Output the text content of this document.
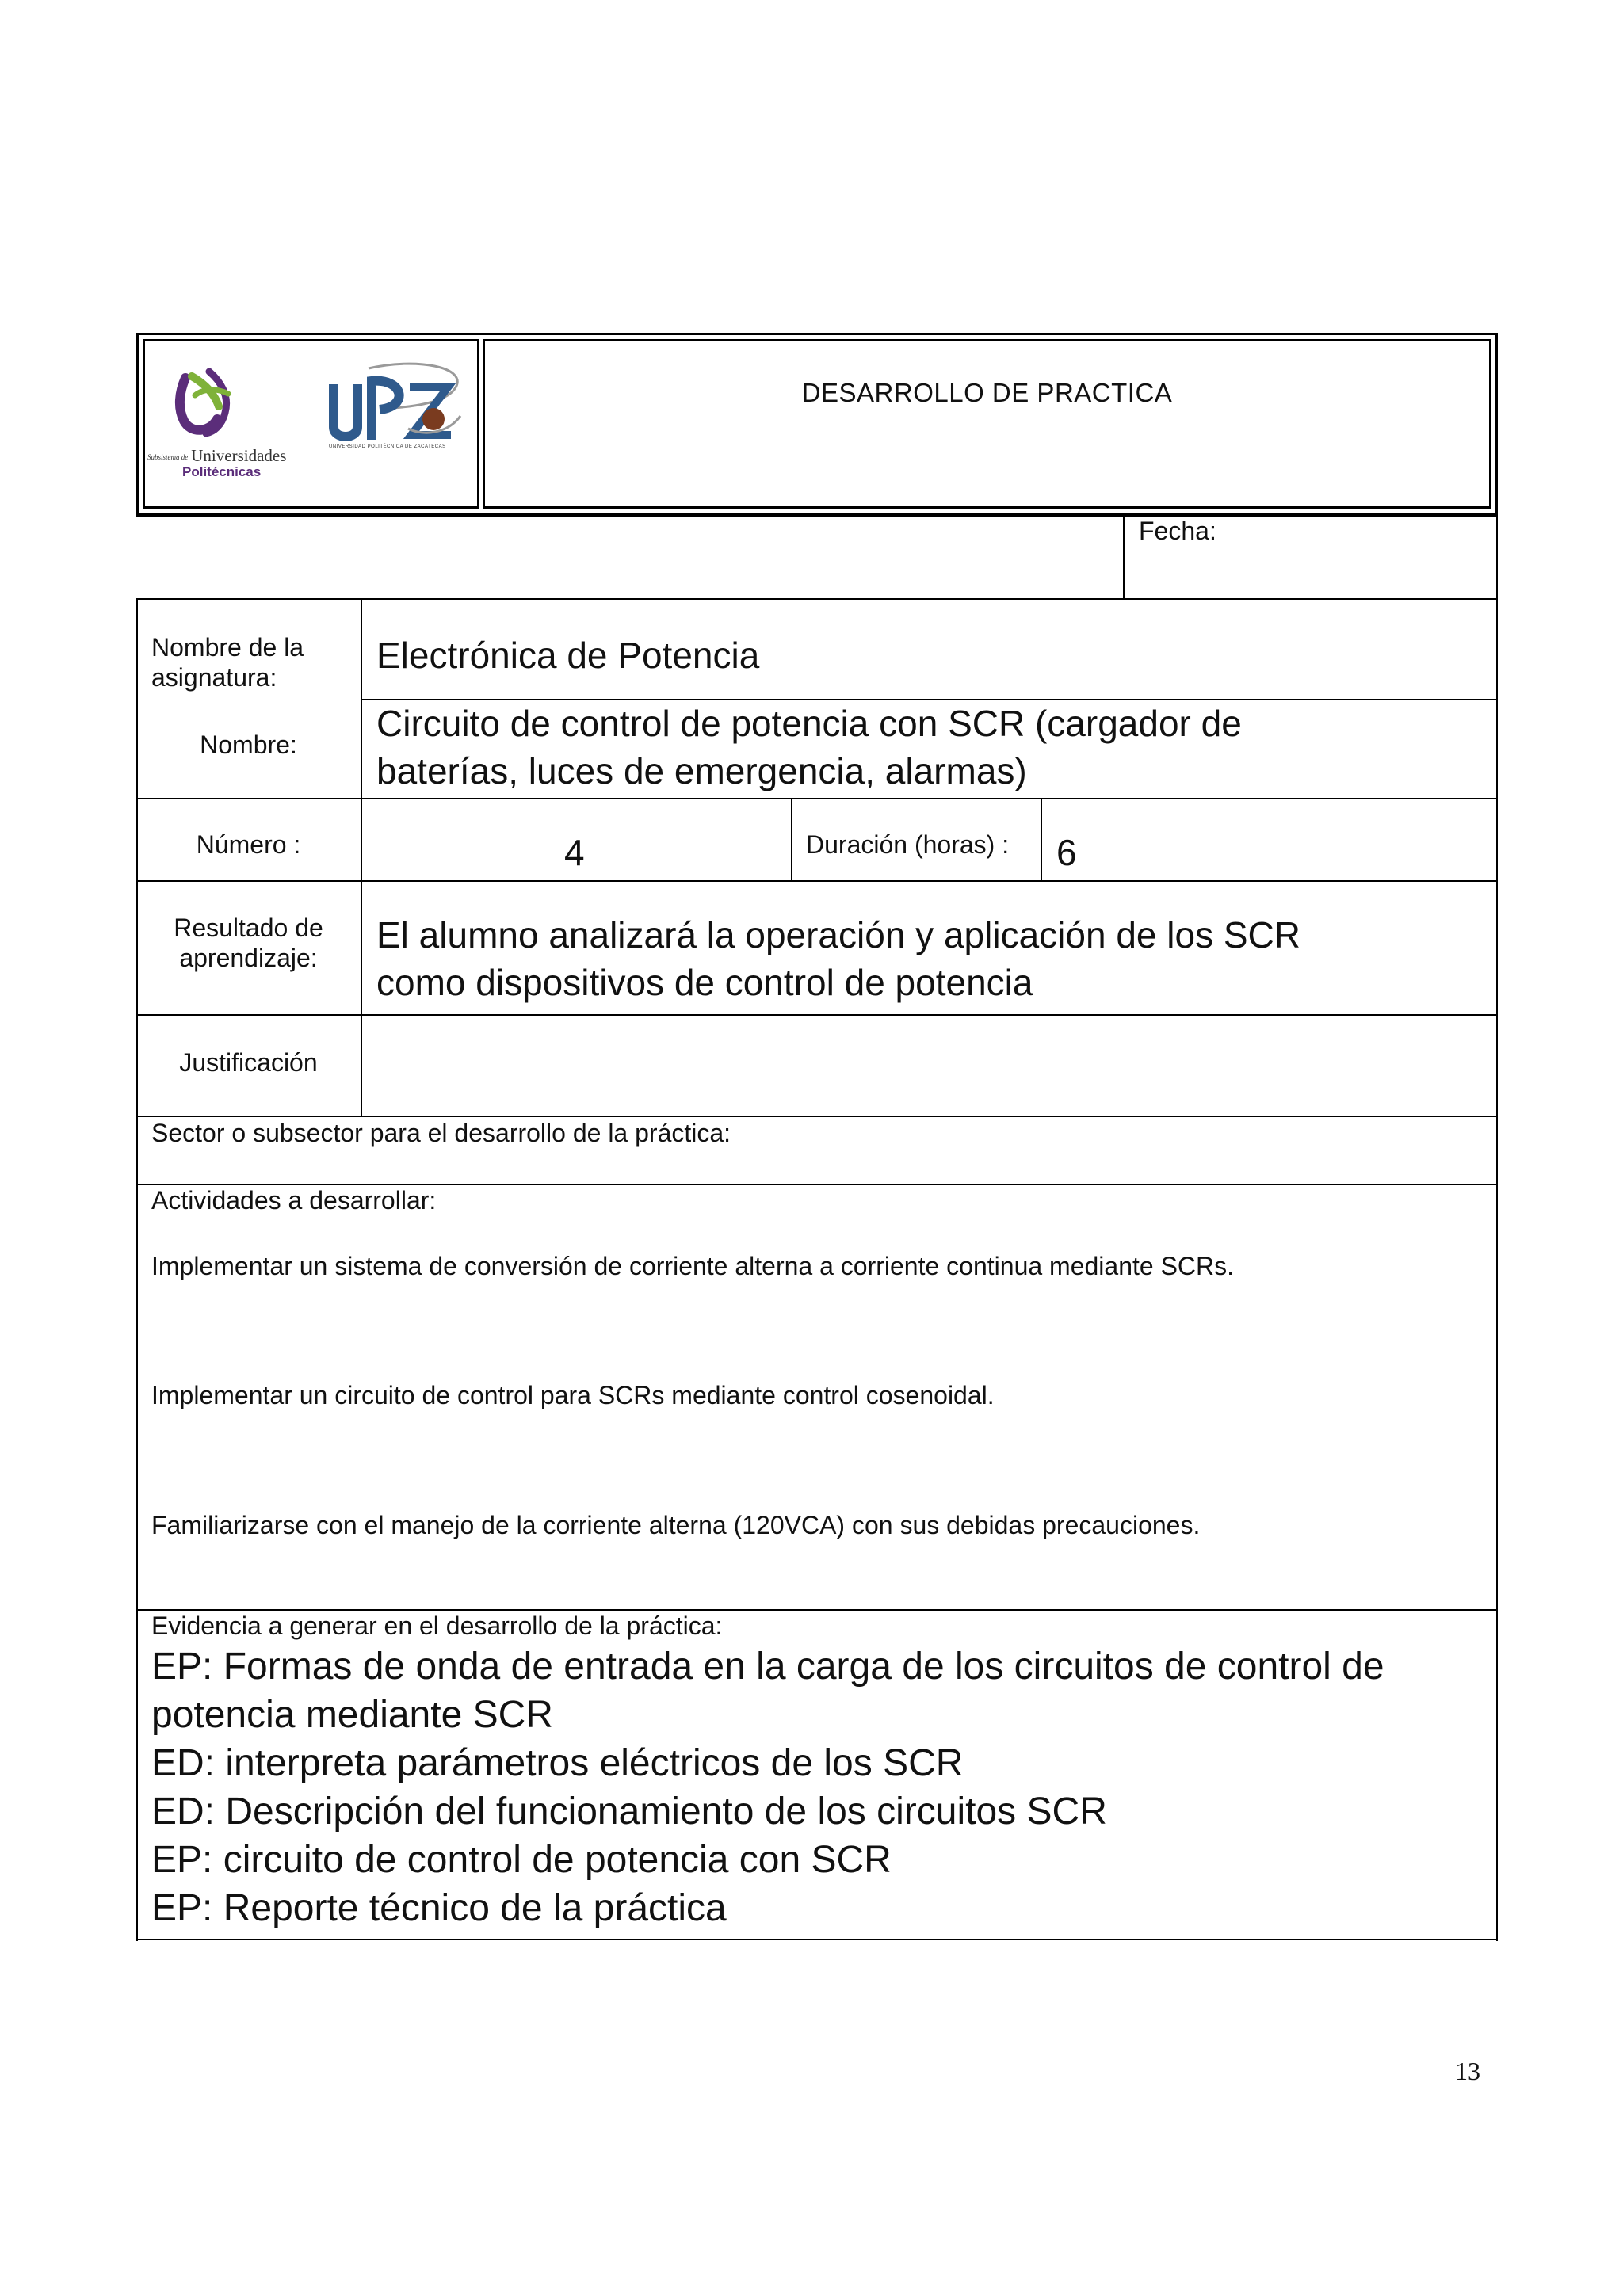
DESARROLLO DE PRACTICA
Subsistema de Universidades
Politécnicas
UNIVERSIDAD POLITÉCNICA DE ZACATECAS
Fecha:
Nombre de la
asignatura:
Electrónica de Potencia
Nombre:
Circuito de control de potencia con SCR (cargador de
baterías, luces de emergencia, alarmas)
Número :	4	Duración (horas) : 6
Resultado de
aprendizaje:
El alumno analizará la operación y aplicación de los SCR
como dispositivos de control de potencia
Justificación
Sector o subsector para el desarrollo de la práctica:
Actividades a desarrollar:
Implementar un sistema de conversión de corriente alterna a corriente continua mediante SCRs.
Implementar un circuito de control para SCRs mediante control cosenoidal.
Familiarizarse con el manejo de la corriente alterna (120VCA) con sus debidas precauciones.
Evidencia a generar en el desarrollo de la práctica:
EP: Formas de onda de entrada en la carga de los circuitos de control de
potencia mediante SCR
ED: interpreta parámetros eléctricos de los SCR
ED: Descripción del funcionamiento de los circuitos SCR
EP: circuito de control de potencia con SCR
EP: Reporte técnico de la práctica
13
